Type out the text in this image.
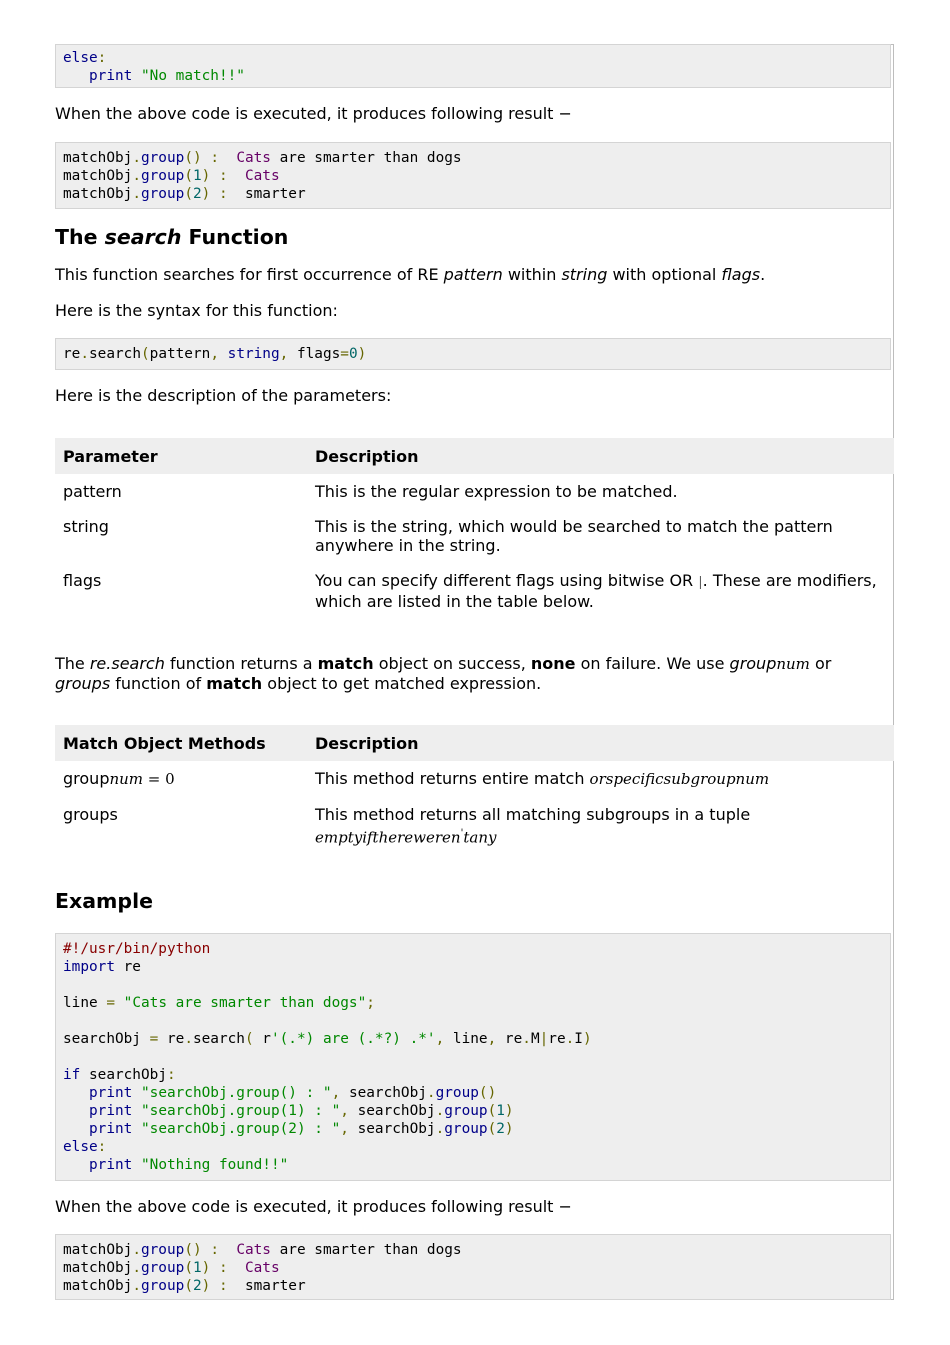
else:
print "No match!!"

When the above code is executed, it produces following result −

matchObj.group() :  Cats are smarter than dogs
matchObj.group(1) :  Cats
matchObj.group(2) :  smarter
The search Function

This function searches for first occurrence of RE pattern within string with optional flags.

Here is the syntax for this function:

re.search(pattern, string, flags=0)

Here is the description of the parameters:

Parameter	Description
pattern	This is the regular expression to be matched.
string	This is the string, which would be searched to match the pattern anywhere in the string.
flags	You can specify different flags using bitwise OR |. These are modifiers, which are listed in the table below.

The re.search function returns a match object on success, none on failure. We use groupnum or
groups function of match object to get matched expression.

Match Object Methods	Description
groupnum = 0	This method returns entire match orspecificsubgroupnum
groups	This method returns all matching subgroups in a tuple
emptyifthereweren'tany
Example
#!/usr/bin/python
import re

line = "Cats are smarter than dogs";

searchObj = re.search( r'(.*) are (.*?) .*', line, re.M|re.I)

if searchObj:
print "searchObj.group() : ", searchObj.group()
print "searchObj.group(1) : ", searchObj.group(1)
print "searchObj.group(2) : ", searchObj.group(2)
else:
print "Nothing found!!"

When the above code is executed, it produces following result −

matchObj.group() :  Cats are smarter than dogs
matchObj.group(1) :  Cats
matchObj.group(2) :  smarter
